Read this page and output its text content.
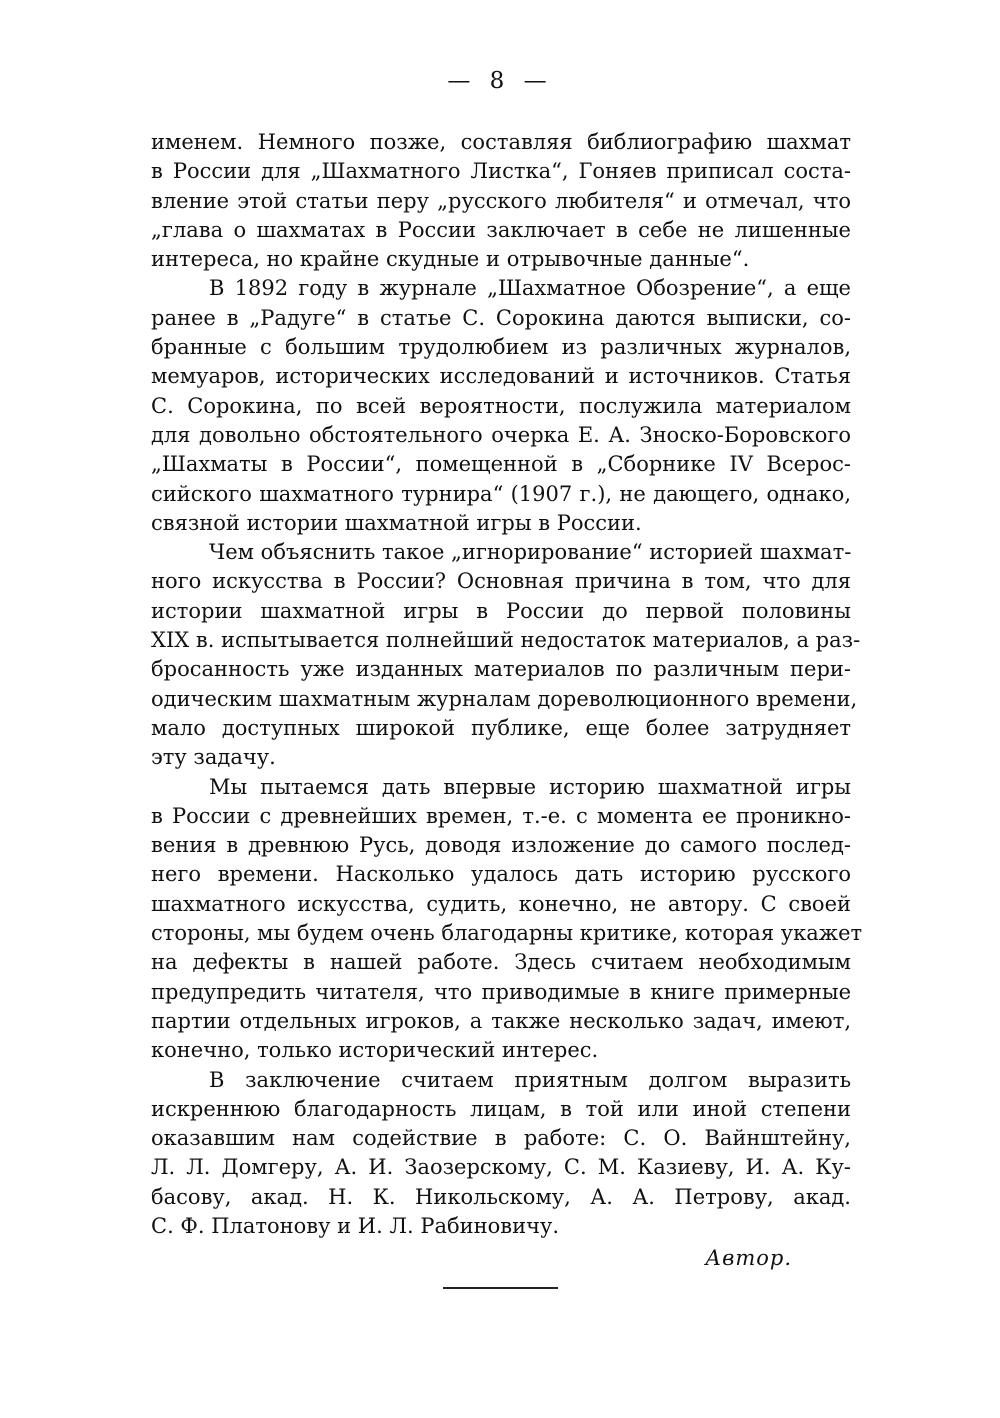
— 8 —
именем. Немного позже, составляя библиографию шахмат
в России для „Шахматного Листка“, Гоняев приписал соста-
вление этой статьи перу „русского любителя“ и отмечал, что
„глава о шахматах в России заключает в себе не лишенные
интереса, но крайне скудные и отрывочные данные“.
В 1892 году в журнале „Шахматное Обозрение“, а еще
ранее в „Радуге“ в статье С. Сорокина даются выписки, со-
бранные с большим трудолюбием из различных журналов,
мемуаров, исторических исследований и источников. Статья
С. Сорокина, по всей вероятности, послужила материалом
для довольно обстоятельного очерка Е. А. Зноско-Боровского
„Шахматы в России“, помещенной в „Сборнике IV Всерос-
сийского шахматного турнира“ (1907 г.), не дающего, однако,
связной истории шахматной игры в России.
Чем объяснить такое „игнорирование“ историей шахмат-
ного искусства в России? Основная причина в том, что для
истории шахматной игры в России до первой половины
XIX в. испытывается полнейший недостаток материалов, а раз-
бросанность уже изданных материалов по различным пери-
одическим шахматным журналам дореволюционного времени,
мало доступных широкой публике, еще более затрудняет
эту задачу.
Мы пытаемся дать впервые историю шахматной игры
в России с древнейших времен, т.-е. с момента ее проникно-
вения в древнюю Русь, доводя изложение до самого послед-
него времени. Насколько удалось дать историю русского
шахматного искусства, судить, конечно, не автору. С своей
стороны, мы будем очень благодарны критике, которая укажет
на дефекты в нашей работе. Здесь считаем необходимым
предупредить читателя, что приводимые в книге примерные
партии отдельных игроков, а также несколько задач, имеют,
конечно, только исторический интерес.
В заключение считаем приятным долгом выразить
искреннюю благодарность лицам, в той или иной степени
оказавшим нам содействие в работе: С. О. Вайнштейну,
Л. Л. Домгеру, А. И. Заозерскому, С. М. Казиеву, И. А. Ку-
басову, акад. Н. К. Никольскому, А. А. Петрову, акад.
С. Ф. Платонову и И. Л. Рабиновичу.
Автор.
